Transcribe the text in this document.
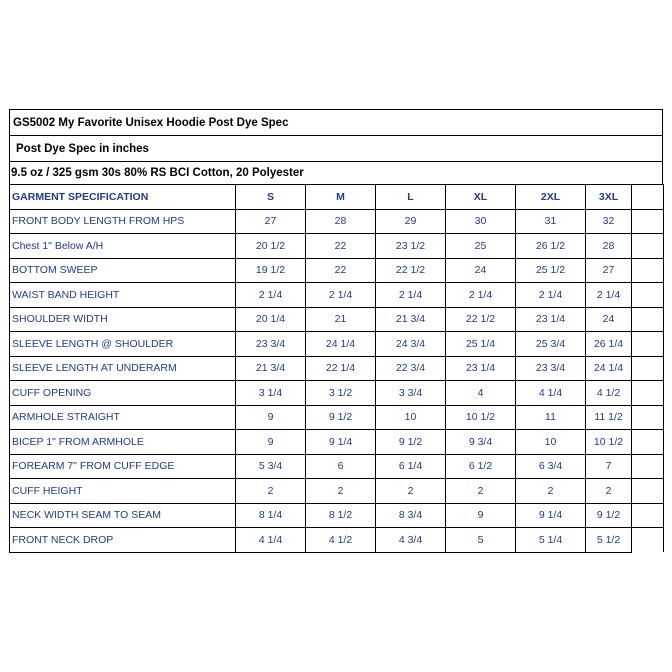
GS5002 My Favorite Unisex Hoodie Post Dye Spec
Post Dye Spec in inches
9.5 oz / 325 gsm 30s 80% RS BCI Cotton, 20 Polyester
GARMENT SPECIFICATION	S	M	L	XL	2XL	3XL	
FRONT BODY LENGTH FROM HPS	27	28	29	30	31	32	
Chest 1" Below A/H	20 1/2	22	23 1/2	25	26 1/2	28	
BOTTOM SWEEP	19 1/2	22	22 1/2	24	25 1/2	27	
WAIST BAND HEIGHT	2 1/4	2 1/4	2 1/4	2 1/4	2 1/4	2 1/4	
SHOULDER WIDTH	20 1/4	21	21 3/4	22 1/2	23 1/4	24	
SLEEVE LENGTH @ SHOULDER	23 3/4	24 1/4	24 3/4	25 1/4	25 3/4	26 1/4	
SLEEVE LENGTH AT UNDERARM	21 3/4	22 1/4	22 3/4	23 1/4	23 3/4	24 1/4	
CUFF OPENING	3 1/4	3 1/2	3 3/4	4	4 1/4	4 1/2	
ARMHOLE STRAIGHT	9	9 1/2	10	10 1/2	11	11 1/2	
BICEP 1" FROM ARMHOLE	9	9 1/4	9 1/2	9 3/4	10	10 1/2	
FOREARM 7" FROM CUFF EDGE	5 3/4	6	6 1/4	6 1/2	6 3/4	7	
CUFF HEIGHT	2	2	2	2	2	2	
NECK WIDTH SEAM TO SEAM	8 1/4	8 1/2	8 3/4	9	9 1/4	9 1/2	
FRONT NECK DROP	4 1/4	4 1/2	4 3/4	5	5 1/4	5 1/2	
